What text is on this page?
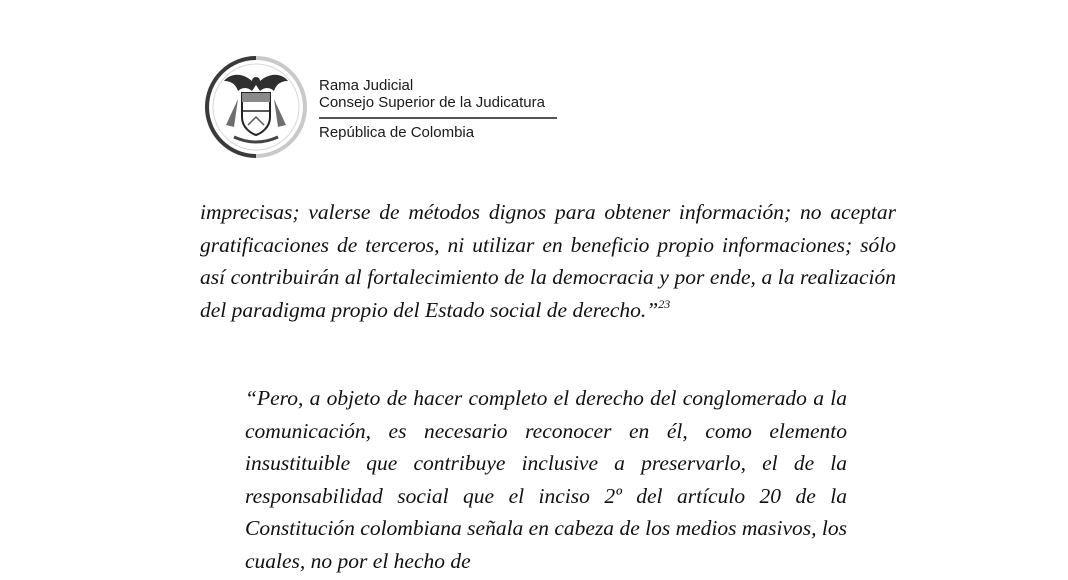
Rama Judicial
Consejo Superior de la Judicatura
República de Colombia

imprecisas; valerse de métodos dignos para obtener información; no aceptar gratificaciones de terceros, ni utilizar en beneficio propio informaciones; sólo así contribuirán al fortalecimiento de la democracia y por ende, a la realización del paradigma propio del Estado social de derecho.”$^{23}$

“Pero, a objeto de hacer completo el derecho del conglomerado a la comunicación, es necesario reconocer en él, como elemento insustituible que contribuye inclusive a preservarlo, el de la responsabilidad social que el inciso 2º del artículo 20 de la Constitución colombiana señala en cabeza de los medios masivos, los cuales, no por el hecho de
